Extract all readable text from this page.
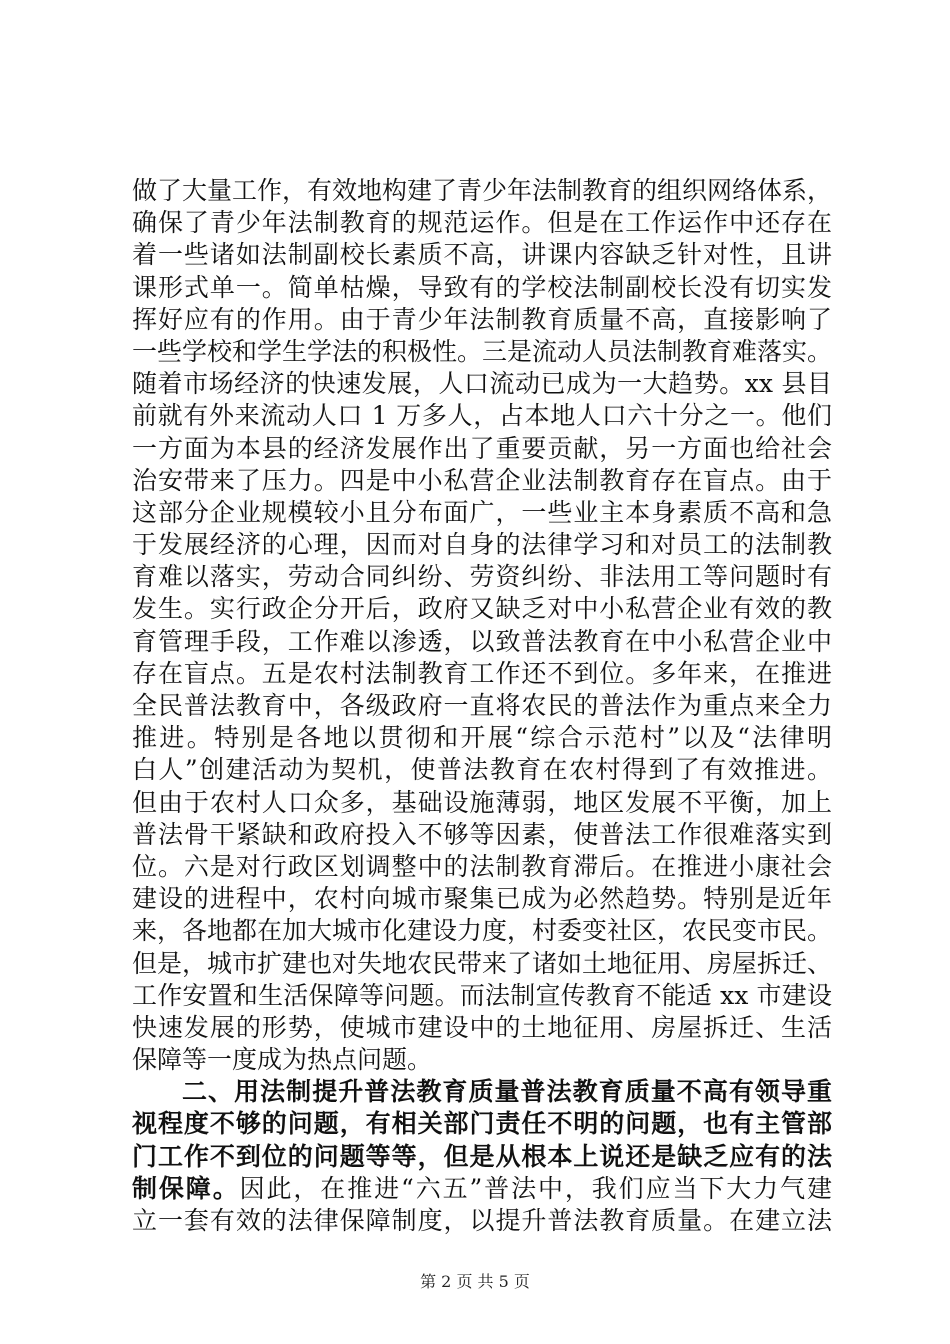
做了大量工作，有效地构建了青少年法制教育的组织网络体系，
确保了青少年法制教育的规范运作。但是在工作运作中还存在
着一些诸如法制副校长素质不高，讲课内容缺乏针对性，且讲
课形式单一。简单枯燥，导致有的学校法制副校长没有切实发
挥好应有的作用。由于青少年法制教育质量不高，直接影响了
一些学校和学生学法的积极性。三是流动人员法制教育难落实。
随着市场经济的快速发展，人口流动已成为一大趋势。xx 县目
前就有外来流动人口 1 万多人，占本地人口六十分之一。他们
一方面为本县的经济发展作出了重要贡献，另一方面也给社会
治安带来了压力。四是中小私营企业法制教育存在盲点。由于
这部分企业规模较小且分布面广，一些业主本身素质不高和急
于发展经济的心理，因而对自身的法律学习和对员工的法制教
育难以落实，劳动合同纠纷、劳资纠纷、非法用工等问题时有
发生。实行政企分开后，政府又缺乏对中小私营企业有效的教
育管理手段，工作难以渗透，以致普法教育在中小私营企业中
存在盲点。五是农村法制教育工作还不到位。多年来，在推进
全民普法教育中，各级政府一直将农民的普法作为重点来全力
推进。特别是各地以贯彻和开展“综合示范村”以及“法律明
白人”创建活动为契机，使普法教育在农村得到了有效推进。
但由于农村人口众多，基础设施薄弱，地区发展不平衡，加上
普法骨干紧缺和政府投入不够等因素，使普法工作很难落实到
位。六是对行政区划调整中的法制教育滞后。在推进小康社会
建设的进程中，农村向城市聚集已成为必然趋势。特别是近年
来，各地都在加大城市化建设力度，村委变社区，农民变市民。
但是，城市扩建也对失地农民带来了诸如土地征用、房屋拆迁、
工作安置和生活保障等问题。而法制宣传教育不能适 xx 市建设
快速发展的形势，使城市建设中的土地征用、房屋拆迁、生活
保障等一度成为热点问题。
二、用法制提升普法教育质量普法教育质量不高有领导重
视程度不够的问题，有相关部门责任不明的问题，也有主管部
门工作不到位的问题等等，但是从根本上说还是缺乏应有的法
制保障。因此，在推进“六五”普法中，我们应当下大力气建
立一套有效的法律保障制度，以提升普法教育质量。在建立法
第 2 页 共 5 页
